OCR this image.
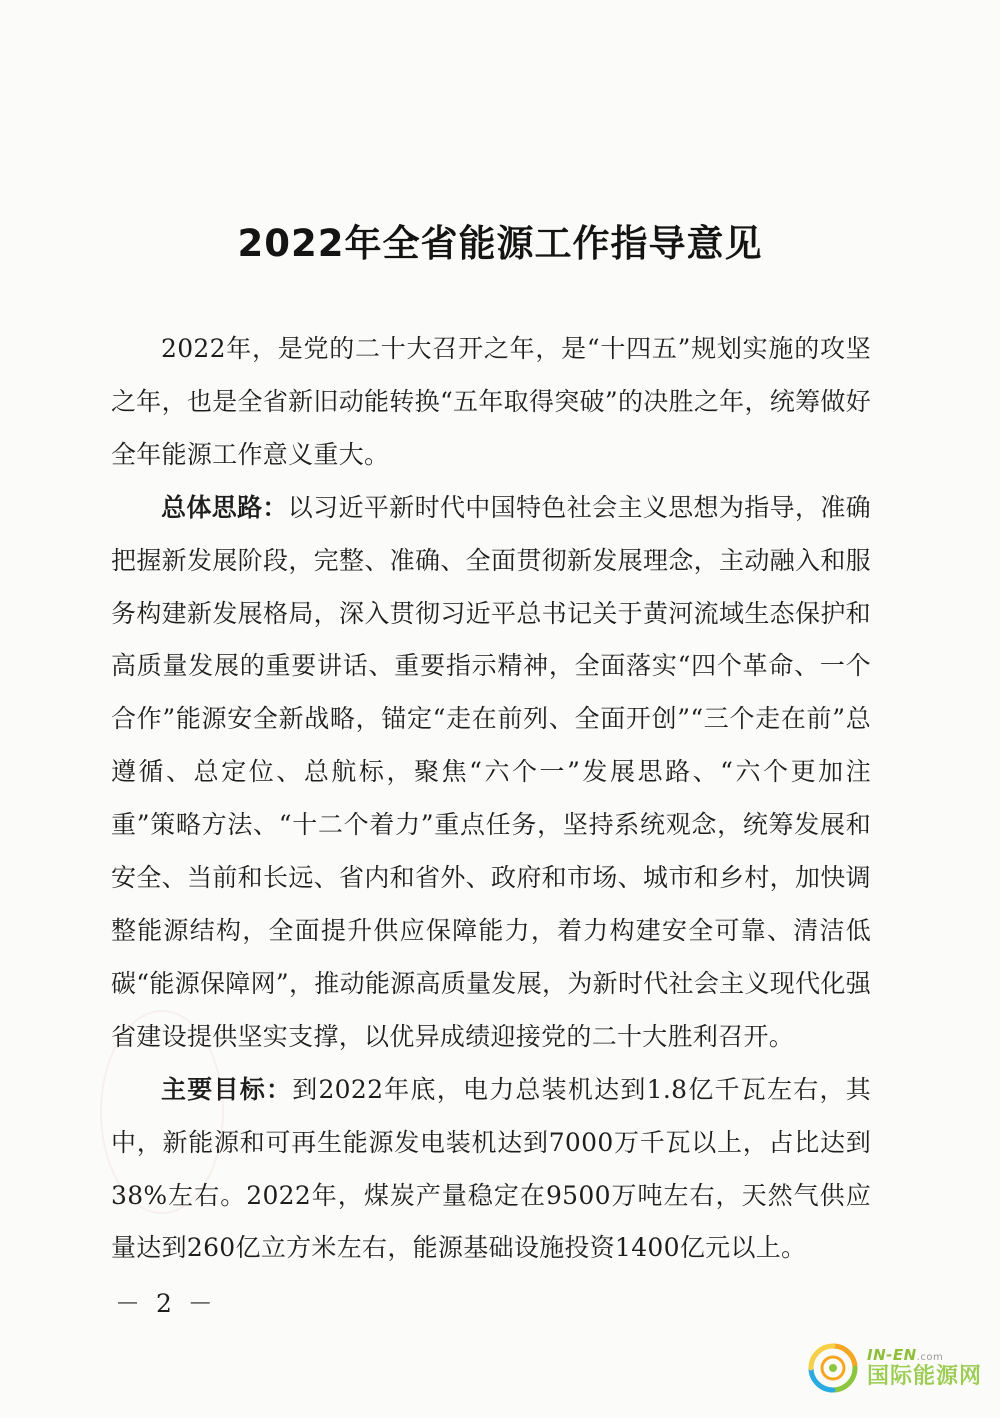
2022年全省能源工作指导意见

2022年，是党的二十大召开之年，是“十四五”规划实施的攻坚之年，也是全省新旧动能转换“五年取得突破”的决胜之年，统筹做好全年能源工作意义重大。

总体思路：以习近平新时代中国特色社会主义思想为指导，准确把握新发展阶段，完整、准确、全面贯彻新发展理念，主动融入和服务构建新发展格局，深入贯彻习近平总书记关于黄河流域生态保护和高质量发展的重要讲话、重要指示精神，全面落实“四个革命、一个合作”能源安全新战略，锚定“走在前列、全面开创”“三个走在前”总遵循、总定位、总航标，聚焦“六个一”发展思路、“六个更加注重”策略方法、“十二个着力”重点任务，坚持系统观念，统筹发展和安全、当前和长远、省内和省外、政府和市场、城市和乡村，加快调整能源结构，全面提升供应保障能力，着力构建安全可靠、清洁低碳“能源保障网”，推动能源高质量发展，为新时代社会主义现代化强省建设提供坚实支撑，以优异成绩迎接党的二十大胜利召开。

主要目标：到2022年底，电力总装机达到1.8亿千瓦左右，其中，新能源和可再生能源发电装机达到7000万千瓦以上，占比达到38%左右。2022年，煤炭产量稳定在9500万吨左右，天然气供应量达到260亿立方米左右，能源基础设施投资1400亿元以上。

－ 2 －

IN-EN.com
国际能源网
